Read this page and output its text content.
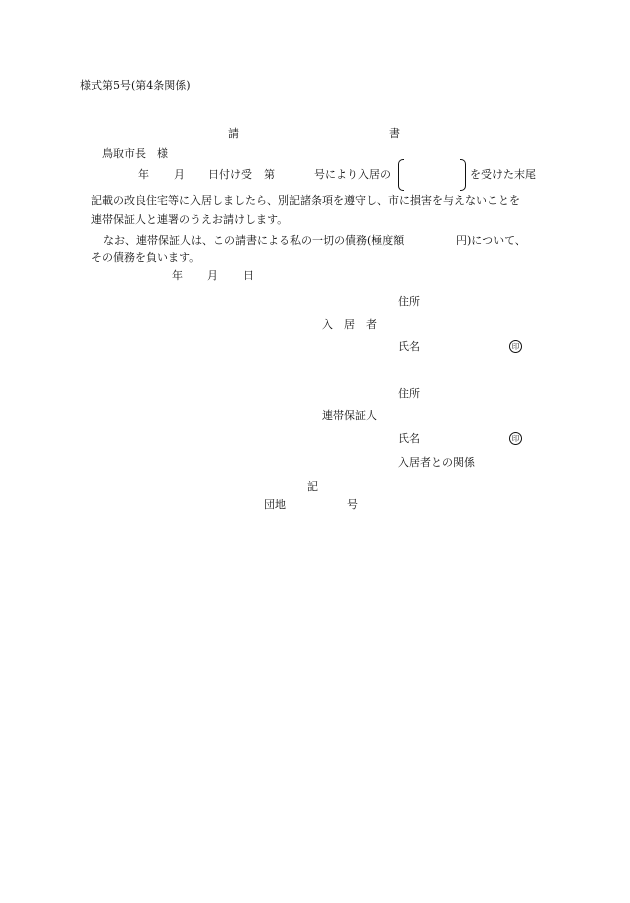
様式第5号(第4条関係)
請	書
鳥取市長　様
年 月 日付け受 第	号により入居の	を受けた末尾
記載の改良住宅等に入居しましたら、別記諸条項を遵守し、市に損害を与えないことを
連帯保証人と連署のうえお請けします。
なお、連帯保証人は、この請書による私の一切の債務(極度額	円)について、
その債務を負います。
年 月 日
住所
入　居　者
氏名	印
住所
連帯保証人
氏名	印
入居者との関係
記
団地	号
